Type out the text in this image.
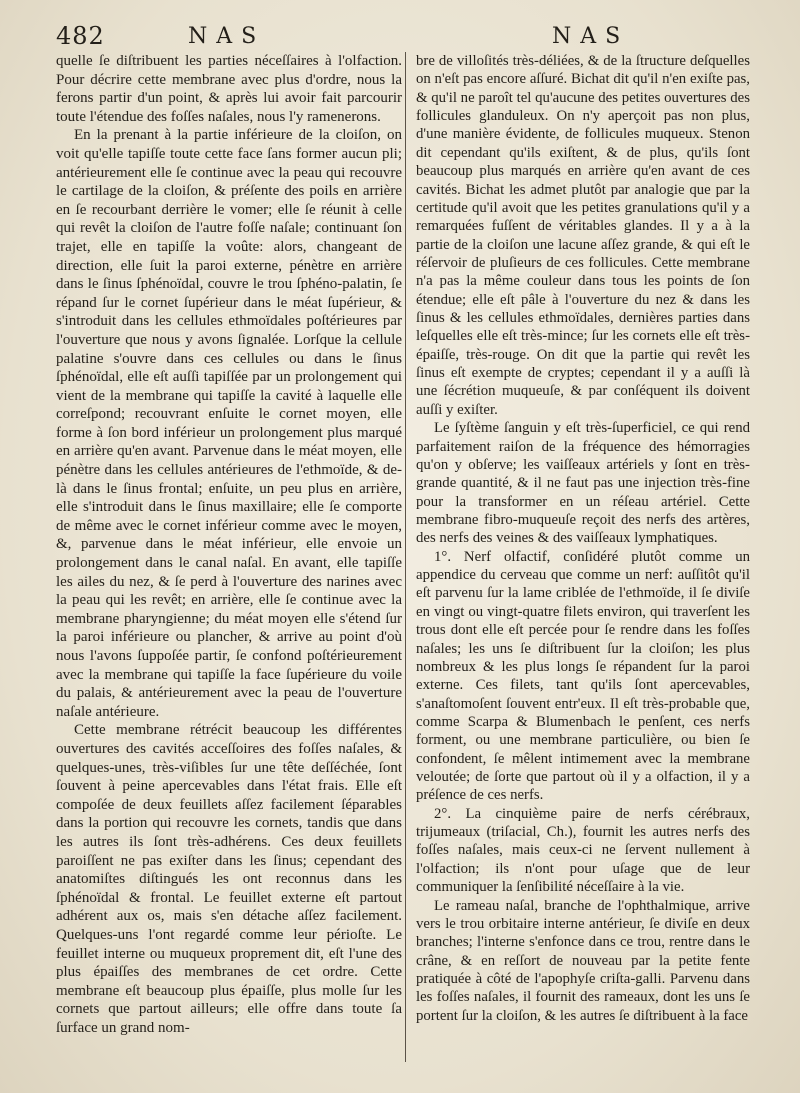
482	NAS	NAS

quelle ſe diſtribuent les parties néceſſaires à l'olfaction. Pour décrire cette membrane avec plus d'ordre, nous la ferons partir d'un point, & après lui avoir fait parcourir toute l'étendue des foſſes naſales, nous l'y ramenerons.

En la prenant à la partie inférieure de la cloiſon, on voit qu'elle tapiſſe toute cette face ſans former aucun pli; antérieurement elle ſe continue avec la peau qui recouvre le cartilage de la cloiſon, & préſente des poils en arrière en ſe recourbant derrière le vomer; elle ſe réunit à celle qui revêt la cloiſon de l'autre foſſe naſale; continuant ſon trajet, elle en tapiſſe la voûte: alors, changeant de direction, elle ſuit la paroi externe, pénètre en arrière dans le ſinus ſphénoïdal, couvre le trou ſphéno-palatin, ſe répand ſur le cornet ſupérieur dans le méat ſupérieur, & s'introduit dans les cellules ethmoïdales poſtérieures par l'ouverture que nous y avons ſignalée. Lorſque la cellule palatine s'ouvre dans ces cellules ou dans le ſinus ſphénoïdal, elle eſt auſſi tapiſſée par un prolongement qui vient de la membrane qui tapiſſe la cavité à laquelle elle correſpond; recouvrant enſuite le cornet moyen, elle forme à ſon bord inférieur un prolongement plus marqué en arrière qu'en avant. Parvenue dans le méat moyen, elle pénètre dans les cellules antérieures de l'ethmoïde, & de-là dans le ſinus frontal; enſuite, un peu plus en arrière, elle s'introduit dans le ſinus maxillaire; elle ſe comporte de même avec le cornet inférieur comme avec le moyen, &, parvenue dans le méat inférieur, elle envoie un prolongement dans le canal naſal. En avant, elle tapiſſe les ailes du nez, & ſe perd à l'ouverture des narines avec la peau qui les revêt; en arrière, elle ſe continue avec la membrane pharyngienne; du méat moyen elle s'étend ſur la paroi inférieure ou plancher, & arrive au point d'où nous l'avons ſuppoſée partir, ſe confond poſtérieurement avec la membrane qui tapiſſe la face ſupérieure du voile du palais, & antérieurement avec la peau de l'ouverture naſale antérieure.

Cette membrane rétrécit beaucoup les différentes ouvertures des cavités acceſſoires des foſſes naſales, & quelques-unes, très-viſibles ſur une tête deſſéchée, ſont ſouvent à peine apercevables dans l'état frais. Elle eſt compoſée de deux feuillets aſſez facilement ſéparables dans la portion qui recouvre les cornets, tandis que dans les autres ils ſont très-adhérens. Ces deux feuillets paroiſſent ne pas exiſter dans les ſinus; cependant des anatomiſtes diſtingués les ont reconnus dans les ſphénoïdal & frontal. Le feuillet externe eſt partout adhérent aux os, mais s'en détache aſſez facilement. Quelques-uns l'ont regardé comme leur périoſte. Le feuillet interne ou muqueux proprement dit, eſt l'une des plus épaiſſes des membranes de cet ordre. Cette membrane eſt beaucoup plus épaiſſe, plus molle ſur les cornets que partout ailleurs; elle offre dans toute ſa ſurface un grand nom-

bre de villoſités très-déliées, & de la ſtructure deſquelles on n'eſt pas encore aſſuré. Bichat dit qu'il n'en exiſte pas, & qu'il ne paroît tel qu'aucune des petites ouvertures des follicules glanduleux. On n'y aperçoit pas non plus, d'une manière évidente, de follicules muqueux. Stenon dit cependant qu'ils exiſtent, & de plus, qu'ils ſont beaucoup plus marqués en arrière qu'en avant de ces cavités. Bichat les admet plutôt par analogie que par la certitude qu'il avoit que les petites granulations qu'il y a remarquées fuſſent de véritables glandes. Il y a à la partie de la cloiſon une lacune aſſez grande, & qui eſt le réſervoir de pluſieurs de ces follicules. Cette membrane n'a pas la même couleur dans tous les points de ſon étendue; elle eſt pâle à l'ouverture du nez & dans les ſinus & les cellules ethmoïdales, dernières parties dans leſquelles elle eſt très-mince; ſur les cornets elle eſt très-épaiſſe, très-rouge. On dit que la partie qui revêt les ſinus eſt exempte de cryptes; cependant il y a auſſi là une ſécrétion muqueuſe, & par conſéquent ils doivent auſſi y exiſter.

Le ſyſtème ſanguin y eſt très-ſuperficiel, ce qui rend parfaitement raiſon de la fréquence des hémorragies qu'on y obſerve; les vaiſſeaux artériels y ſont en très-grande quantité, & il ne faut pas une injection très-fine pour la transformer en un réſeau artériel. Cette membrane fibro-muqueuſe reçoit des nerfs des artères, des nerfs des veines & des vaiſſeaux lymphatiques.

1°. Nerf olfactif, conſidéré plutôt comme un appendice du cerveau que comme un nerf: auſſitôt qu'il eſt parvenu ſur la lame criblée de l'ethmoïde, il ſe diviſe en vingt ou vingt-quatre filets environ, qui traverſent les trous dont elle eſt percée pour ſe rendre dans les foſſes naſales; les uns ſe diſtribuent ſur la cloiſon; les plus nombreux & les plus longs ſe répandent ſur la paroi externe. Ces filets, tant qu'ils ſont apercevables, s'anaſtomoſent ſouvent entr'eux. Il eſt très-probable que, comme Scarpa & Blumenbach le penſent, ces nerfs forment, ou une membrane particulière, ou bien ſe confondent, ſe mêlent intimement avec la membrane veloutée; de ſorte que partout où il y a olfaction, il y a préſence de ces nerfs.

2°. La cinquième paire de nerfs cérébraux, trijumeaux (triſacial, Ch.), fournit les autres nerfs des foſſes naſales, mais ceux-ci ne ſervent nullement à l'olfaction; ils n'ont pour uſage que de leur communiquer la ſenſibilité néceſſaire à la vie.

Le rameau naſal, branche de l'ophthalmique, arrive vers le trou orbitaire interne antérieur, ſe diviſe en deux branches; l'interne s'enfonce dans ce trou, rentre dans le crâne, & en reſſort de nouveau par la petite fente pratiquée à côté de l'apophyſe criſta-galli. Parvenu dans les foſſes naſales, il fournit des rameaux, dont les uns ſe portent ſur la cloiſon, & les autres ſe diſtribuent à la face
